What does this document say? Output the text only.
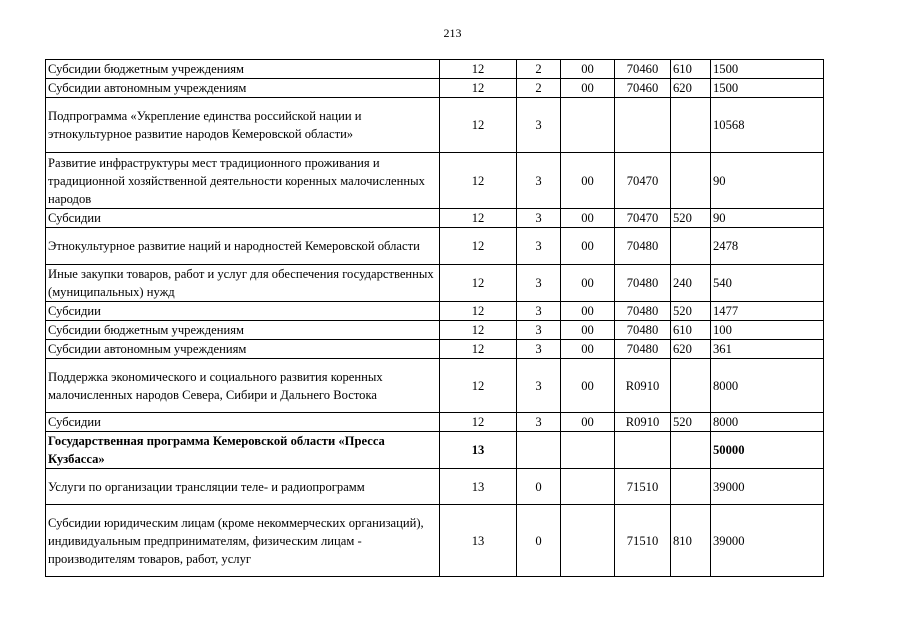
213
Субсидии бюджетным учреждениям	12	2	00	70460	610	1500
Субсидии автономным учреждениям	12	2	00	70460	620	1500
Подпрограмма «Укрепление единства российской нации и этнокультурное развитие народов Кемеровской области»	12	3				10568
Развитие инфраструктуры мест традиционного проживания и традиционной хозяйственной деятельности коренных малочисленных народов	12	3	00	70470		90
Субсидии	12	3	00	70470	520	90
Этнокультурное развитие наций и народностей Кемеровской области	12	3	00	70480		2478
Иные закупки товаров, работ и услуг для обеспечения государственных (муниципальных) нужд	12	3	00	70480	240	540
Субсидии	12	3	00	70480	520	1477
Субсидии бюджетным учреждениям	12	3	00	70480	610	100
Субсидии автономным учреждениям	12	3	00	70480	620	361
Поддержка экономического и социального развития коренных малочисленных народов Севера, Сибири и Дальнего Востока	12	3	00	R0910		8000
Субсидии	12	3	00	R0910	520	8000
Государственная программа Кемеровской области «Пресса Кузбасса»	13					50000
Услуги по организации трансляции теле- и радиопрограмм	13	0		71510		39000
Субсидии юридическим лицам (кроме некоммерческих организаций), индивидуальным предпринимателям, физическим лицам - производителям товаров, работ, услуг	13	0		71510	810	39000
